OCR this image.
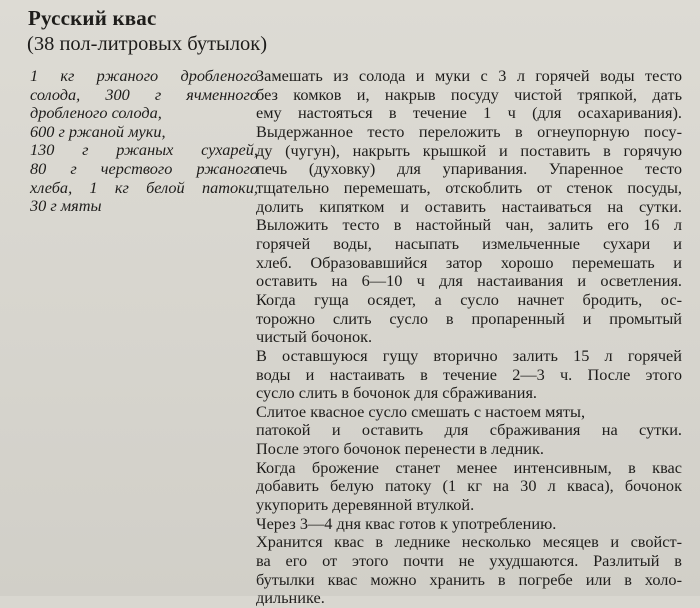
Русский квас
(38 пол-литровых бутылок)
1 кг ржаного дробленого
солода, 300 г ячменного
дробленого солода,
600 г ржаной муки,
130 г ржаных сухарей,
80 г черствого ржаного
хлеба, 1 кг белой патоки,
30 г мяты
Замешать из солода и муки с 3 л горячей воды тесто
без комков и, накрыв посуду чистой тряпкой, дать
ему настояться в течение 1 ч (для осахаривания).
Выдержанное тесто переложить в огнеупорную посу-
ду (чугун), накрыть крышкой и поставить в горячую
печь (духовку) для упаривания. Упаренное тесто
тщательно перемешать, отскоблить от стенок посуды,
долить кипятком и оставить настаиваться на сутки.
Выложить тесто в настойный чан, залить его 16 л
горячей воды, насыпать измельченные сухари и
хлеб. Образовавшийся затор хорошо перемешать и
оставить на 6—10 ч для настаивания и осветления.
Когда гуща осядет, а сусло начнет бродить, ос-
торожно слить сусло в пропаренный и промытый
чистый бочонок.
В оставшуюся гущу вторично залить 15 л горячей
воды и настаивать в течение 2—3 ч. После этого
сусло слить в бочонок для сбраживания.
Слитое квасное сусло смешать с настоем мяты,
патокой и оставить для сбраживания на сутки.
После этого бочонок перенести в ледник.
Когда брожение станет менее интенсивным, в квас
добавить белую патоку (1 кг на 30 л кваса), бочонок
укупорить деревянной втулкой.
Через 3—4 дня квас готов к употреблению.
Хранится квас в леднике несколько месяцев и свойст-
ва его от этого почти не ухудшаются. Разлитый в
бутылки квас можно хранить в погребе или в холо-
дильнике.
